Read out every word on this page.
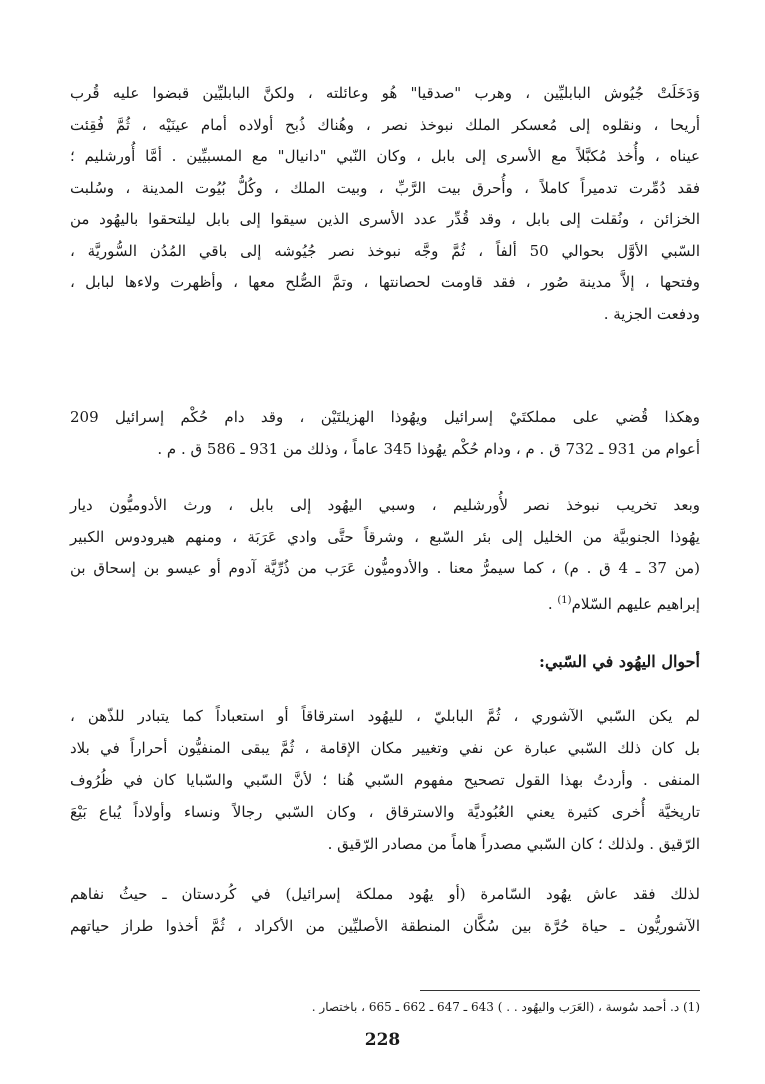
وَدَخَلَتْ جُيُوش البابليِّين ، وهرب "صدقيا" هُو وعائلته ، ولكنَّ البابليِّين قبضوا عليه قُرب
أريحا ، ونقلوه إلى مُعسكر الملك نبوخذ نصر ، وهُناك ذُبح أولاده أمام عينَيْه ، ثُمَّ فُقِئت
عيناه ، وأُخذ مُكبَّلاً مع الأسرى إلى بابل ، وكان النّبي "دانيال" مع المسبيِّين . أمَّا أُورشليم ؛
فقد دُمِّرت تدميراً كاملاً ، وأُحرق بيت الرَّبِّ ، وبيت الملك ، وكُلُّ بُيُوت المدينة ، وسُلبت
الخزائن ، ونُقلت إلى بابل ، وقد قُدِّر عدد الأسرى الذين سيقوا إلى بابل ليلتحقوا باليهُود من
السّبي الأوَّل بحوالي 50 ألفاً ، ثُمَّ وجَّه نبوخذ نصر جُيُوشه إلى باقي المُدُن السُّوريَّة ،
وفتحها ، إلاَّ مدينة صُور ، فقد قاومت لحصانتها ، وتمَّ الصُّلح معها ، وأظهرت ولاءها لبابل ،
ودفعت الجزية .
وهكذا قُضي على مملكتَيْ إسرائيل ويهُوذا الهزيلتَيْن ، وقد دام حُكْم إسرائيل 209
أعوام من 931 ـ 732 ق . م ، ودام حُكْم يهُوذا 345 عاماً ، وذلك من 931 ـ 586 ق . م .
وبعد تخريب نبوخذ نصر لأُورشليم ، وسبي اليهُود إلى بابل ، ورث الأدوميُّون ديار
يهُوذا الجنوبيَّة من الخليل إلى بئر السّبع ، وشرقاً حتَّى وادي عَرَبَة ، ومنهم هيرودوس الكبير
(من 37 ـ 4 ق . م) ، كما سيمرُّ معنا . والأدوميُّون عَرَب من ذُرِّيَّة آدوم أو عيسو بن إسحاق بن
إبراهيم عليهم السّلام$^{(1)}$ .
أحوال اليهُود في السّبي:
لم يكن السّبي الآشوري ، ثُمَّ البابليّ ، لليهُود استرقاقاً أو استعباداً كما يتبادر للذّهن ،
بل كان ذلك السّبي عبارة عن نفي وتغيير مكان الإقامة ، ثُمَّ يبقى المنفيُّون أحراراً في بلاد
المنفى . وأردتُ بهذا القول تصحيح مفهوم السّبي هُنا ؛ لأنَّ السّبي والسّبايا كان في ظُرُوف
تاريخيَّة أُخرى كثيرة يعني العُبُوديَّة والاسترقاق ، وكان السّبي رجالاً ونساء وأولاداً يُباع بَيْعَ
الرّقيق . ولذلك ؛ كان السّبي مصدراً هاماً من مصادر الرّقيق .
لذلك فقد عاش يهُود السّامرة (أو يهُود مملكة إسرائيل) في كُردستان ـ حيثُ نفاهم
الآشوريُّون ـ حياة حُرَّة بين سُكَّان المنطقة الأصليِّين من الأكراد ، ثُمَّ أخذوا طراز حياتهم
(1) د. أحمد سُوسة ، (العَرَب واليهُود . . ) 643 ـ 647 ـ 662 ـ 665 ، باختصار .
228
